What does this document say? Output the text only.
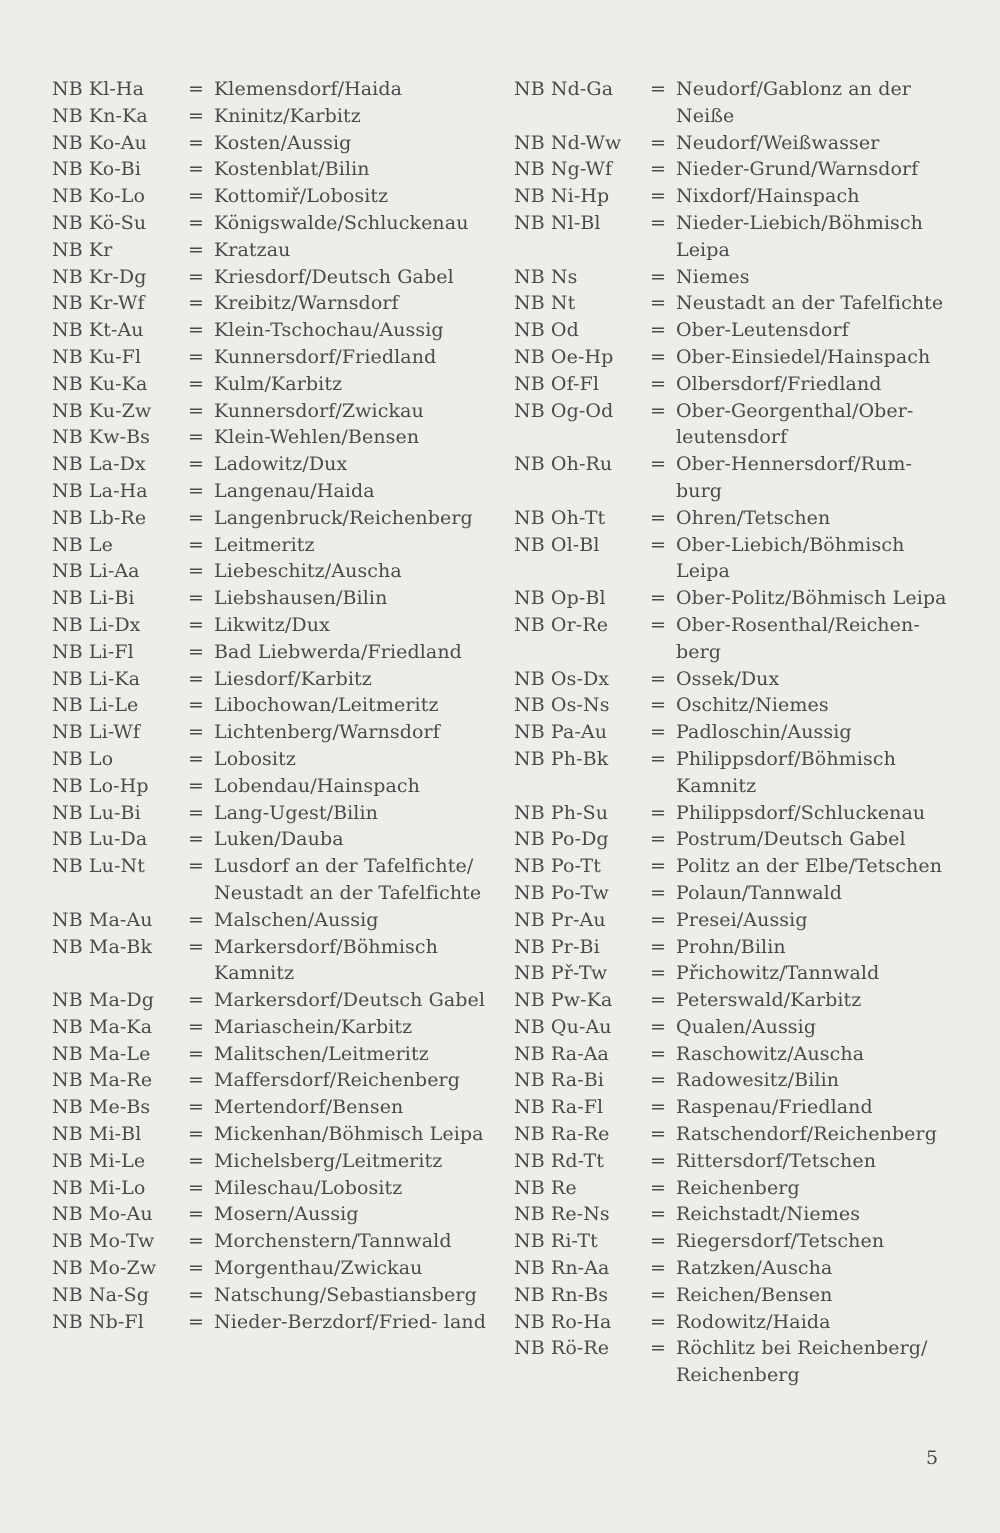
NB Kl-Ha	= Klemensdorf/Haida
NB Kn-Ka	= Kninitz/Karbitz
NB Ko-Au	= Kosten/Aussig
NB Ko-Bi	= Kostenblat/Bilin
NB Ko-Lo	= Kottomiř/Lobositz
NB Kö-Su	= Königswalde/Schluckenau
NB Kr	= Kratzau
NB Kr-Dg	= Kriesdorf/Deutsch Gabel
NB Kr-Wf	= Kreibitz/Warnsdorf
NB Kt-Au	= Klein-Tschochau/Aussig
NB Ku-Fl	= Kunnersdorf/Friedland
NB Ku-Ka	= Kulm/Karbitz
NB Ku-Zw	= Kunnersdorf/Zwickau
NB Kw-Bs	= Klein-Wehlen/Bensen
NB La-Dx	= Ladowitz/Dux
NB La-Ha	= Langenau/Haida
NB Lb-Re	= Langenbruck/Reichenberg
NB Le	= Leitmeritz
NB Li-Aa	= Liebeschitz/Auscha
NB Li-Bi	= Liebshausen/Bilin
NB Li-Dx	= Likwitz/Dux
NB Li-Fl	= Bad Liebwerda/Friedland
NB Li-Ka	= Liesdorf/Karbitz
NB Li-Le	= Libochowan/Leitmeritz
NB Li-Wf	= Lichtenberg/Warnsdorf
NB Lo	= Lobositz
NB Lo-Hp	= Lobendau/Hainspach
NB Lu-Bi	= Lang-Ugest/Bilin
NB Lu-Da	= Luken/Dauba
NB Lu-Nt	= Lusdorf an der Tafelfichte/ Neustadt an der Tafelfichte
NB Ma-Au	= Malschen/Aussig
NB Ma-Bk	= Markersdorf/Böhmisch Kamnitz
NB Ma-Dg	= Markersdorf/Deutsch Gabel
NB Ma-Ka	= Mariaschein/Karbitz
NB Ma-Le	= Malitschen/Leitmeritz
NB Ma-Re	= Maffersdorf/Reichenberg
NB Me-Bs	= Mertendorf/Bensen
NB Mi-Bl	= Mickenhan/Böhmisch Leipa
NB Mi-Le	= Michelsberg/Leitmeritz
NB Mi-Lo	= Mileschau/Lobositz
NB Mo-Au	= Mosern/Aussig
NB Mo-Tw	= Morchenstern/Tannwald
NB Mo-Zw	= Morgenthau/Zwickau
NB Na-Sg	= Natschung/Sebastiansberg
NB Nb-Fl	= Nieder-Berzdorf/Fried- land
NB Nd-Ga	= Neudorf/Gablonz an der Neiße
NB Nd-Ww	= Neudorf/Weißwasser
NB Ng-Wf	= Nieder-Grund/Warnsdorf
NB Ni-Hp	= Nixdorf/Hainspach
NB Nl-Bl	= Nieder-Liebich/Böhmisch Leipa
NB Ns	= Niemes
NB Nt	= Neustadt an der Tafelfichte
NB Od	= Ober-Leutensdorf
NB Oe-Hp	= Ober-Einsiedel/Hainspach
NB Of-Fl	= Olbersdorf/Friedland
NB Og-Od	= Ober-Georgenthal/Ober- leutensdorf
NB Oh-Ru	= Ober-Hennersdorf/Rum- burg
NB Oh-Tt	= Ohren/Tetschen
NB Ol-Bl	= Ober-Liebich/Böhmisch Leipa
NB Op-Bl	= Ober-Politz/Böhmisch Leipa
NB Or-Re	= Ober-Rosenthal/Reichen- berg
NB Os-Dx	= Ossek/Dux
NB Os-Ns	= Oschitz/Niemes
NB Pa-Au	= Padloschin/Aussig
NB Ph-Bk	= Philippsdorf/Böhmisch Kamnitz
NB Ph-Su	= Philippsdorf/Schluckenau
NB Po-Dg	= Postrum/Deutsch Gabel
NB Po-Tt	= Politz an der Elbe/Tetschen
NB Po-Tw	= Polaun/Tannwald
NB Pr-Au	= Presei/Aussig
NB Pr-Bi	= Prohn/Bilin
NB Př-Tw	= Přichowitz/Tannwald
NB Pw-Ka	= Peterswald/Karbitz
NB Qu-Au	= Qualen/Aussig
NB Ra-Aa	= Raschowitz/Auscha
NB Ra-Bi	= Radowesitz/Bilin
NB Ra-Fl	= Raspenau/Friedland
NB Ra-Re	= Ratschendorf/Reichenberg
NB Rd-Tt	= Rittersdorf/Tetschen
NB Re	= Reichenberg
NB Re-Ns	= Reichstadt/Niemes
NB Ri-Tt	= Riegersdorf/Tetschen
NB Rn-Aa	= Ratzken/Auscha
NB Rn-Bs	= Reichen/Bensen
NB Ro-Ha	= Rodowitz/Haida
NB Rö-Re	= Röchlitz bei Reichenberg/ Reichenberg
5
